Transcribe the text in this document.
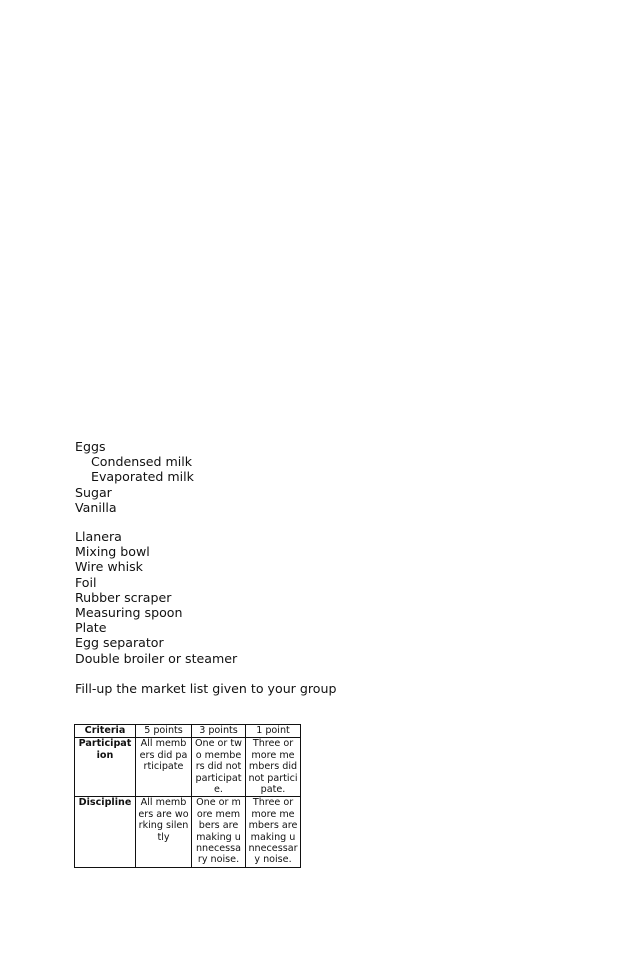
Eggs
Condensed milk
Evaporated milk
Sugar
Vanilla
Llanera
Mixing bowl
Wire whisk
Foil
Rubber scraper
Measuring spoon
Plate
Egg separator
Double broiler or steamer
Fill-up the market list given to your group
Criteria	5 points	3 points	1 point
Participation	All members did participate	One or two members did not participate.	Three or more members did not participate.
Discipline	All members are working silently	One or more members are making unnecessary noise.	Three or more members are making unnecessary noise.
